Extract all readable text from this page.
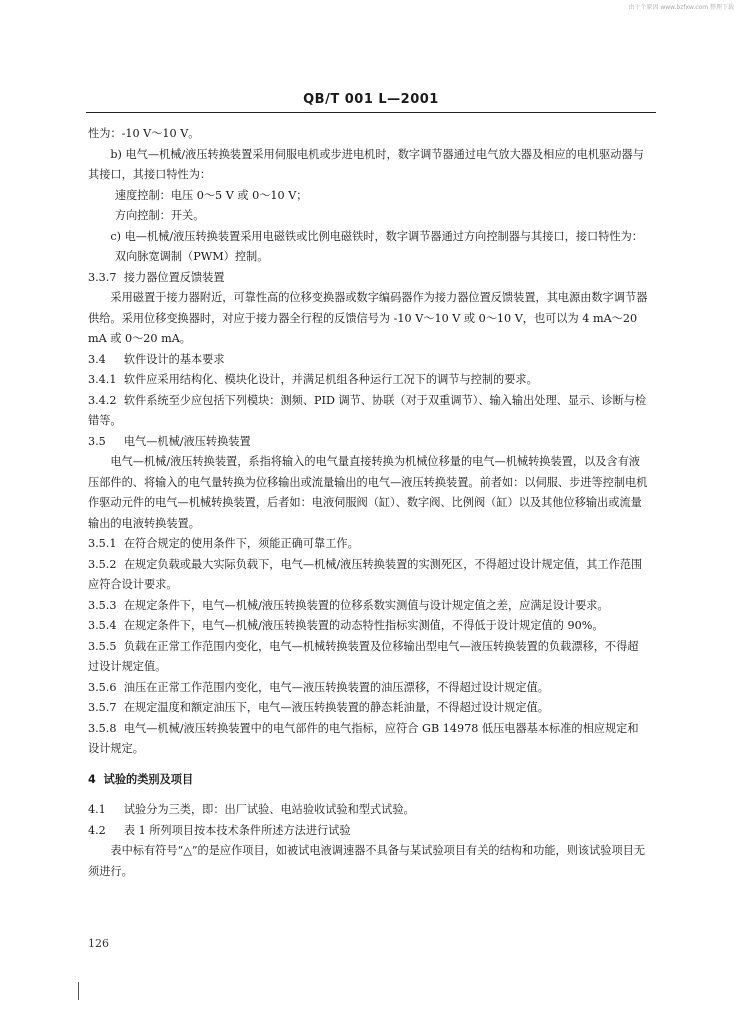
由于个原因 www.bzfxw.com 整理下载
QB/T 001 L—2001

性为：-10 V～10 V。

b) 电气—机械/液压转换装置采用伺服电机或步进电机时，数字调节器通过电气放大器及相应的电机驱动器与其接口，其接口特性为：

速度控制：电压 0～5 V 或 0～10 V；

方向控制：开关。

c) 电—机械/液压转换装置采用电磁铁或比例电磁铁时，数字调节器通过方向控制器与其接口，接口特性为：

双向脉宽调制（PWM）控制。

3.3.7 接力器位置反馈装置

采用磁置于接力器附近，可靠性高的位移变换器或数字编码器作为接力器位置反馈装置，其电源由数字调节器供给。采用位移变换器时，对应于接力器全行程的反馈信号为 -10 V～10 V 或 0～10 V，也可以为 4 mA～20 mA 或 0～20 mA。

3.4 软件设计的基本要求

3.4.1 软件应采用结构化、模块化设计，并满足机组各种运行工况下的调节与控制的要求。

3.4.2 软件系统至少应包括下列模块：测频、PID 调节、协联（对于双重调节）、输入输出处理、显示、诊断与检错等。

3.5 电气—机械/液压转换装置

电气—机械/液压转换装置，系指将输入的电气量直接转换为机械位移量的电气—机械转换装置，以及含有液压部件的、将输入的电气量转换为位移输出或流量输出的电气—液压转换装置。前者如：以伺服、步进等控制电机作驱动元件的电气—机械转换装置，后者如：电液伺服阀（缸）、数字阀、比例阀（缸）以及其他位移输出或流量输出的电液转换装置。

3.5.1 在符合规定的使用条件下，须能正确可靠工作。

3.5.2 在规定负载或最大实际负载下，电气—机械/液压转换装置的实测死区，不得超过设计规定值，其工作范围应符合设计要求。

3.5.3 在规定条件下，电气—机械/液压转换装置的位移系数实测值与设计规定值之差，应满足设计要求。

3.5.4 在规定条件下，电气—机械/液压转换装置的动态特性指标实测值，不得低于设计规定值的 90%。

3.5.5 负载在正常工作范围内变化，电气—机械转换装置及位移输出型电气—液压转换装置的负载漂移，不得超过设计规定值。

3.5.6 油压在正常工作范围内变化，电气—液压转换装置的油压漂移，不得超过设计规定值。

3.5.7 在规定温度和额定油压下，电气—液压转换装置的静态耗油量，不得超过设计规定值。

3.5.8 电气—机械/液压转换装置中的电气部件的电气指标，应符合 GB 14978 低压电器基本标准的相应规定和设计规定。

4 试验的类别及项目

4.1 试验分为三类，即：出厂试验、电站验收试验和型式试验。

4.2 表 1 所列项目按本技术条件所述方法进行试验

表中标有符号“△”的是应作项目，如被试电液调速器不具备与某试验项目有关的结构和功能，则该试验项目无须进行。

126
